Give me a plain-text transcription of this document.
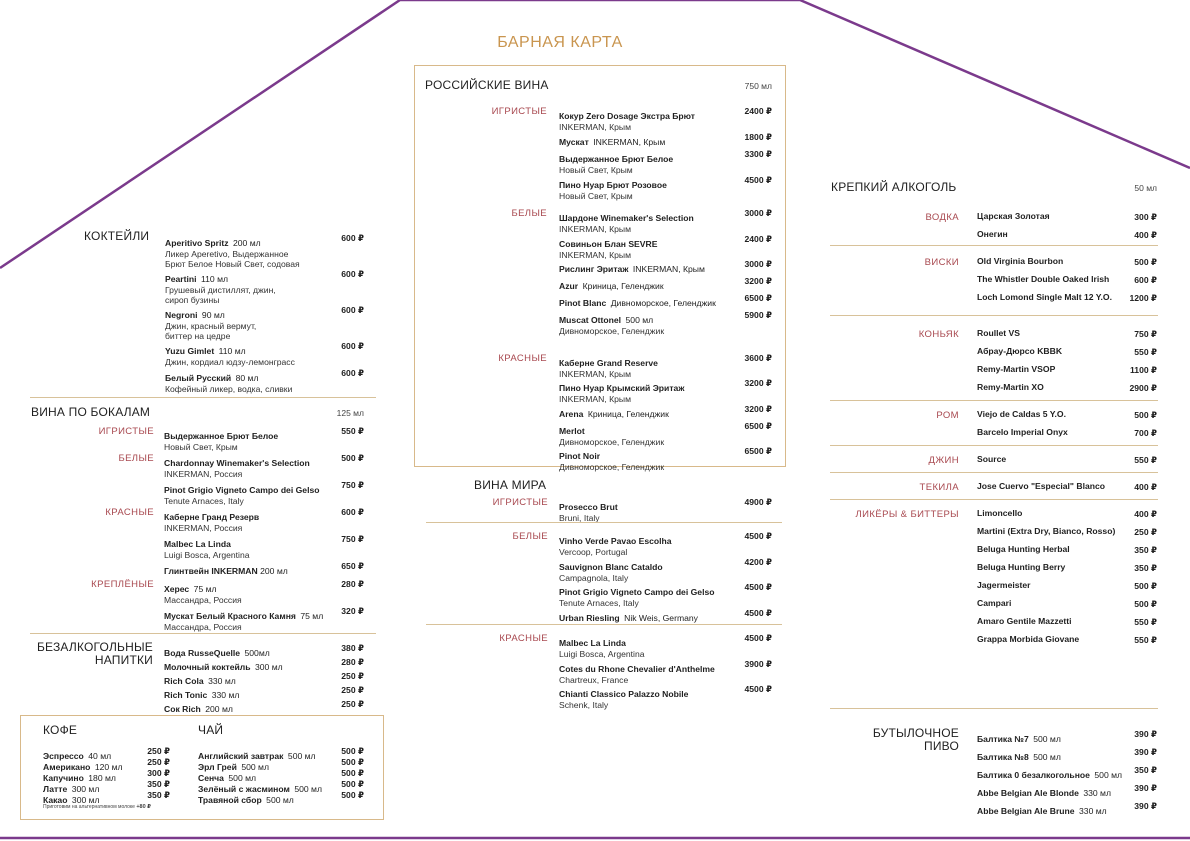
БАРНАЯ КАРТА
КОКТЕЙЛИ Aperitivo Spritz 200 мл
Ликер Aperetivo, Выдержанное
Брют Белое Новый Свет, содовая
600 ₽
Peartini 110 мл
Грушевый дистиллят, джин,
сироп бузины
600 ₽
Negroni 90 мл
Джин, красный вермут,
биттер на цедре
600 ₽
Yuzu Gimlet 110 мл
Джин, кордиал юдзу-лемонграсс
600 ₽
Белый Русский 80 мл
Кофейный ликер, водка, сливки
600 ₽
ВИНА ПО БОКАЛАМ	125 мл
ИГРИСТЫЕ Выдержанное Брют Белое
Новый Свет, Крым
550 ₽
БЕЛЫЕ Chardonnay Winemaker's Selection
INKERMAN, Россия
500 ₽
Pinot Grigio Vigneto Campo dei Gelso
Tenute Arnaces, Italy
750 ₽
КРАСНЫЕ Каберне Гранд Резерв
INKERMAN, Россия
600 ₽
Malbec La Linda
Luigi Bosca, Argentina
750 ₽
Глинтвейн INKERMAN 200 мл	650 ₽
КРЕПЛЁНЫЕ Херес 75 мл
Массандра, Россия
280 ₽
Мускат Белый Красного Камня 75 мл
Массандра, Россия
320 ₽
БЕЗАЛКОГОЛЬНЫЕ
НАПИТКИ Вода RusseQuelle 500мл	380 ₽
Молочный коктейль 300 мл	280 ₽
Rich Cola 330 мл	250 ₽
Rich Tonic 330 мл	250 ₽
Сок Rich 200 мл	250 ₽
КОФЕ
Эспрессо 40 мл	250 ₽
Американо 120 мл	250 ₽
Капучино 180 мл	300 ₽
Латте 300 мл	350 ₽
Какао 300 мл	350 ₽
Приготовим на альтернативном молоке +80 ₽
ЧАЙ
Английский завтрак 500 мл	500 ₽
Эрл Грей 500 мл	500 ₽
Сенча 500 мл	500 ₽
Зелёный с жасмином 500 мл	500 ₽
Травяной сбор 500 мл	500 ₽
РОССИЙСКИЕ ВИНА	750 мл
ИГРИСТЫЕ Кокур Zero Dosage Экстра Брют
INKERMAN, Крым
2400 ₽
Мускат INKERMAN, Крым	1800 ₽
Выдержанное Брют Белое
Новый Свет, Крым
3300 ₽
Пино Нуар Брют Розовое
Новый Свет, Крым
4500 ₽
БЕЛЫЕ Шардоне Winemaker's Selection
INKERMAN, Крым
3000 ₽
Совиньон Блан SEVRE
INKERMAN, Крым
2400 ₽
Рислинг Эритаж INKERMAN, Крым	3000 ₽
Azur Криница, Геленджик	3200 ₽
Pinot Blanc Дивноморское, Геленджик	6500 ₽
Muscat Ottonel 500 мл
Дивноморское, Геленджик
5900 ₽
КРАСНЫЕ Каберне Grand Reserve
INKERMAN, Крым
3600 ₽
Пино Нуар Крымский Эритаж
INKERMAN, Крым
3200 ₽
Arena Криница, Геленджик	3200 ₽
Merlot
Дивноморское, Геленджик
6500 ₽
Pinot Noir
Дивноморское, Геленджик
6500 ₽
ВИНА МИРА
ИГРИСТЫЕ Prosecco Brut
Bruni, Italy
4900 ₽
БЕЛЫЕ Vinho Verde Pavao Escolha
Vercoop, Portugal
4500 ₽
Sauvignon Blanc Cataldo
Campagnola, Italy
4200 ₽
Pinot Grigio Vigneto Campo dei Gelso
Tenute Arnaces, Italy
4500 ₽
Urban Riesling Nik Weis, Germany	4500 ₽
КРАСНЫЕ Malbec La Linda
Luigi Bosca, Argentina
4500 ₽
Cotes du Rhone Chevalier d'Anthelme
Chartreux, France
3900 ₽
Chianti Classico Palazzo Nobile
Schenk, Italy
4500 ₽
КРЕПКИЙ АЛКОГОЛЬ	50 мл
ВОДКА Царская Золотая	300 ₽
Онегин	400 ₽
ВИСКИ Old Virginia Bourbon	500 ₽
The Whistler Double Oaked Irish	600 ₽
Loch Lomond Single Malt 12 Y.O.	1200 ₽
КОНЬЯК Roullet VS	750 ₽
Абрау-Дюрсо KBBK	550 ₽
Remy-Martin VSOP	1100 ₽
Remy-Martin XO	2900 ₽
РОМ Viejo de Caldas 5 Y.O.	500 ₽
Barcelo Imperial Onyx	700 ₽
ДЖИН Source	550 ₽
ТЕКИЛА Jose Cuervo "Especial" Blanco	400 ₽
ЛИКЁРЫ & БИТТЕРЫ Limoncello	400 ₽
Martini (Extra Dry, Bianco, Rosso)	250 ₽
Beluga Hunting Herbal	350 ₽
Beluga Hunting Berry	350 ₽
Jagermeister	500 ₽
Campari	500 ₽
Amaro Gentile Mazzetti	550 ₽
Grappa Morbida Giovane	550 ₽
БУТЫЛОЧНОЕ
ПИВО Балтика №7 500 мл	390 ₽
Балтика №8 500 мл	390 ₽
Балтика 0 безалкогольное 500 мл	350 ₽
Abbe Belgian Ale Blonde 330 мл	390 ₽
Abbe Belgian Ale Brune 330 мл	390 ₽
